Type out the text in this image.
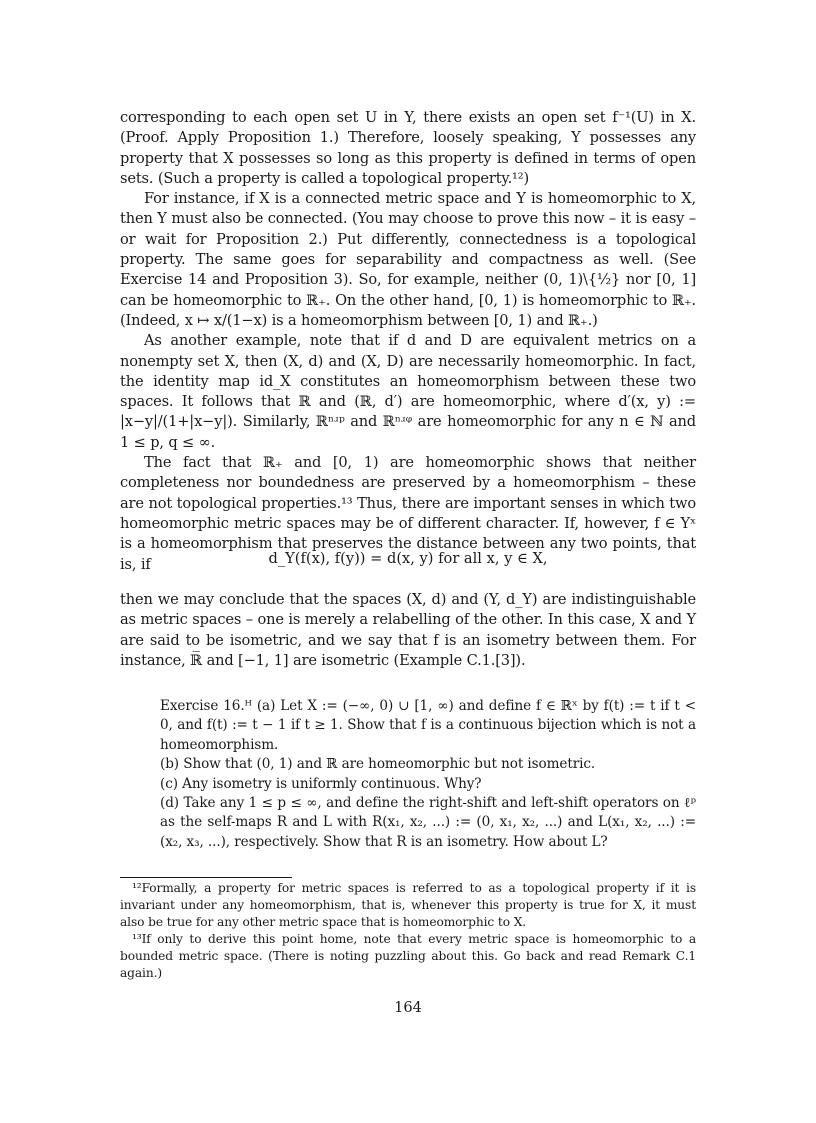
corresponding to each open set U in Y, there exists an open set f⁻¹(U) in X. (Proof. Apply Proposition 1.) Therefore, loosely speaking, Y possesses any property that X possesses so long as this property is defined in terms of open sets. (Such a property is called a topological property.¹²)

For instance, if X is a connected metric space and Y is homeomorphic to X, then Y must also be connected. (You may choose to prove this now – it is easy – or wait for Proposition 2.) Put differently, connectedness is a topological property. The same goes for separability and compactness as well. (See Exercise 14 and Proposition 3). So, for example, neither (0, 1)\{½} nor [0, 1] can be homeomorphic to ℝ₊. On the other hand, [0, 1) is homeomorphic to ℝ₊. (Indeed, x ↦ x/(1−x) is a homeomorphism between [0, 1) and ℝ₊.)

As another example, note that if d and D are equivalent metrics on a nonempty set X, then (X, d) and (X, D) are necessarily homeomorphic. In fact, the identity map id_X constitutes an homeomorphism between these two spaces. It follows that ℝ and (ℝ, d′) are homeomorphic, where d′(x, y) := |x−y|/(1+|x−y|). Similarly, ℝⁿʴᵖ and ℝⁿʴᵠ are homeomorphic for any n ∈ ℕ and 1 ≤ p, q ≤ ∞.

The fact that ℝ₊ and [0, 1) are homeomorphic shows that neither completeness nor boundedness are preserved by a homeomorphism – these are not topological properties.¹³ Thus, there are important senses in which two homeomorphic metric spaces may be of different character. If, however, f ∈ Yˣ is a homeomorphism that preserves the distance between any two points, that is, if	d_Y(f(x), f(y)) = d(x, y) for all x, y ∈ X,

then we may conclude that the spaces (X, d) and (Y, d_Y) are indistinguishable as metric spaces – one is merely a relabelling of the other. In this case, X and Y are said to be isometric, and we say that f is an isometry between them. For instance, ℝ̅ and [−1, 1] are isometric (Example C.1.[3]).

Exercise 16.ᴴ (a) Let X := (−∞, 0) ∪ [1, ∞) and define f ∈ ℝˣ by f(t) := t if t < 0, and f(t) := t − 1 if t ≥ 1. Show that f is a continuous bijection which is not a homeomorphism.

(b) Show that (0, 1) and ℝ are homeomorphic but not isometric.

(c) Any isometry is uniformly continuous. Why?

(d) Take any 1 ≤ p ≤ ∞, and define the right-shift and left-shift operators on ℓᵖ as the self-maps R and L with R(x₁, x₂, ...) := (0, x₁, x₂, ...) and L(x₁, x₂, ...) := (x₂, x₃, ...), respectively. Show that R is an isometry. How about L?

¹²Formally, a property for metric spaces is referred to as a topological property if it is invariant under any homeomorphism, that is, whenever this property is true for X, it must also be true for any other metric space that is homeomorphic to X.

¹³If only to derive this point home, note that every metric space is homeomorphic to a bounded metric space. (There is noting puzzling about this. Go back and read Remark C.1 again.)

164
